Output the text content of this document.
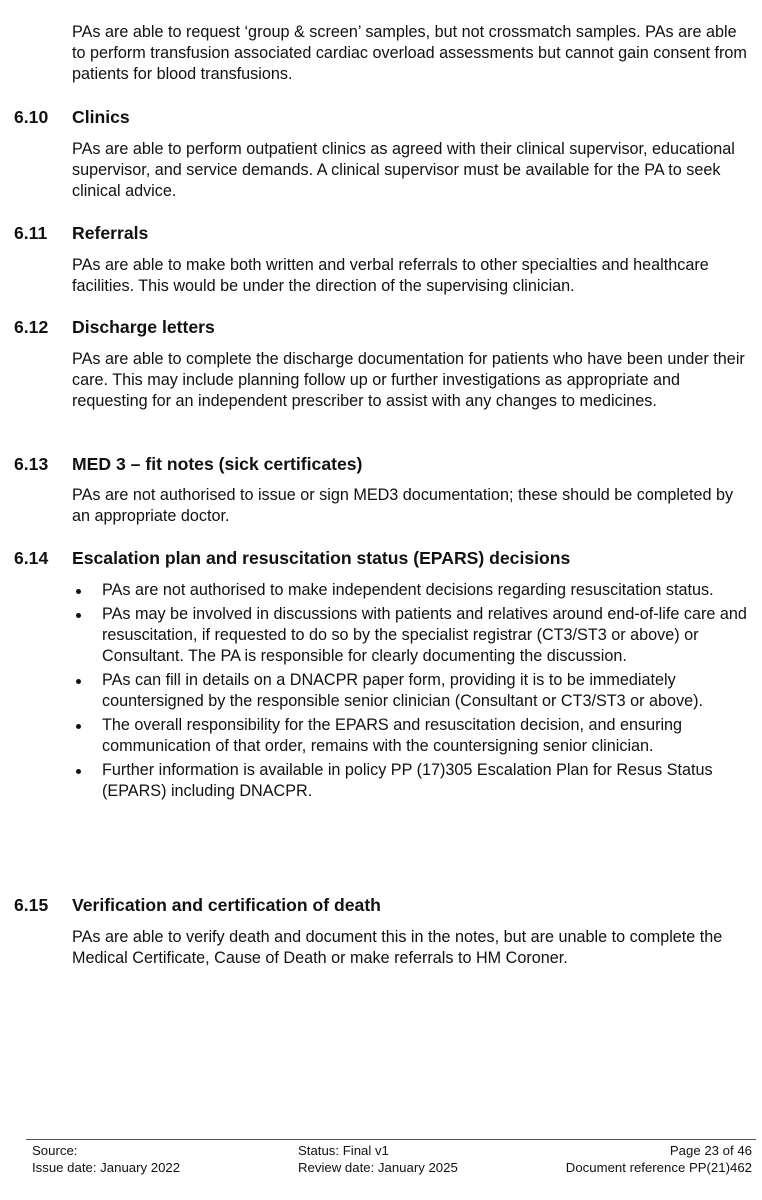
PAs are able to request ‘group & screen’ samples, but not crossmatch samples. PAs are able to perform transfusion associated cardiac overload assessments but cannot gain consent from patients for blood transfusions.

6.10 Clinics

PAs are able to perform outpatient clinics as agreed with their clinical supervisor, educational supervisor, and service demands. A clinical supervisor must be available for the PA to seek clinical advice.

6.11 Referrals

PAs are able to make both written and verbal referrals to other specialties and healthcare facilities. This would be under the direction of the supervising clinician.

6.12 Discharge letters

PAs are able to complete the discharge documentation for patients who have been under their care. This may include planning follow up or further investigations as appropriate and requesting for an independent prescriber to assist with any changes to medicines.

6.13 MED 3 – fit notes (sick certificates)

PAs are not authorised to issue or sign MED3 documentation; these should be completed by an appropriate doctor.

6.14 Escalation plan and resuscitation status (EPARS) decisions
PAs are not authorised to make independent decisions regarding resuscitation status.
PAs may be involved in discussions with patients and relatives around end-of-life care and resuscitation, if requested to do so by the specialist registrar (CT3/ST3 or above) or Consultant. The PA is responsible for clearly documenting the discussion.
PAs can fill in details on a DNACPR paper form, providing it is to be immediately countersigned by the responsible senior clinician (Consultant or CT3/ST3 or above).
The overall responsibility for the EPARS and resuscitation decision, and ensuring communication of that order, remains with the countersigning senior clinician.
Further information is available in policy PP (17)305 Escalation Plan for Resus Status (EPARS) including DNACPR.
6.15 Verification and certification of death

PAs are able to verify death and document this in the notes, but are unable to complete the Medical Certificate, Cause of Death or make referrals to HM Coroner.

Source:
Issue date: January 2022
Status: Final v1
Review date: January 2025
Page 23 of 46
Document reference PP(21)462
